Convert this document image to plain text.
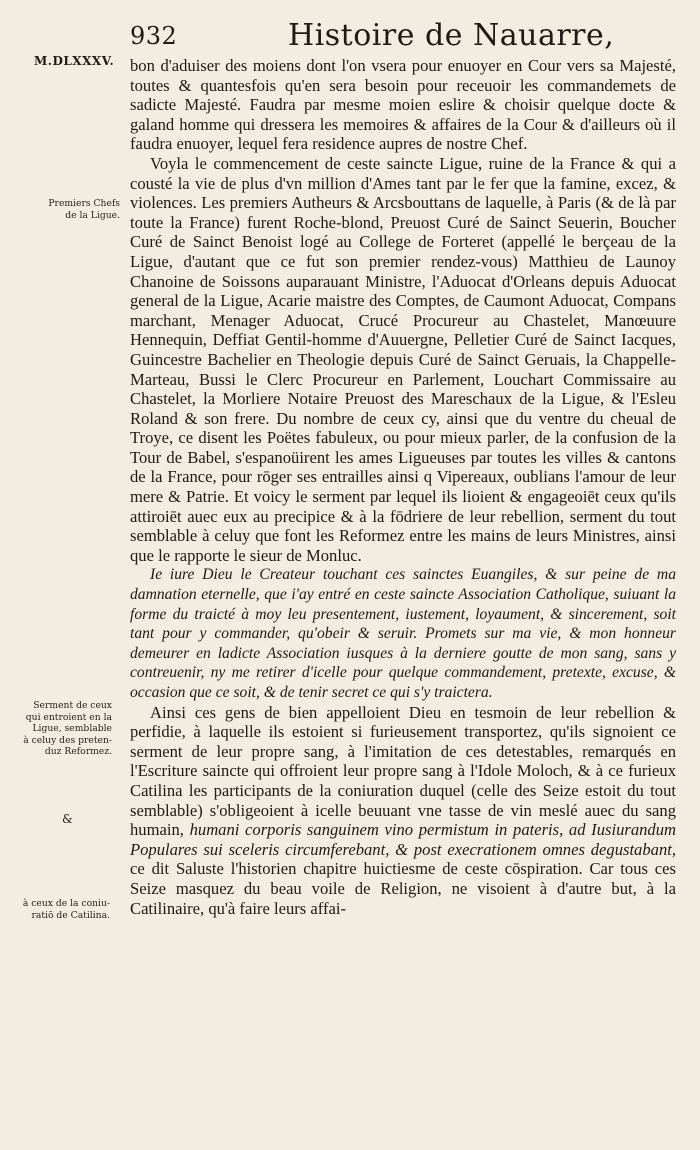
932	Histoire de Nauarre,
M.DLXXXV.
Premiers Chefs
de la Ligue.
Serment de ceux
qui entroient en la
Ligue, semblable
à celuy des preten-
duz Reformez.
&
à ceux de la coniu-
ratiō de Catilina.

bon d'aduiser des moiens dont l'on vsera pour enuoyer en Cour vers sa Majesté, toutes & quantesfois qu'en sera besoin pour receuoir les commandemets de sadicte Majesté. Faudra par mesme moien eslire & choisir quelque docte & galand homme qui dressera les memoires & affaires de la Cour & d'ailleurs où il faudra enuoyer, lequel fera residence aupres de nostre Chef.

Voyla le commencement de ceste saincte Ligue, ruine de la France & qui a cousté la vie de plus d'vn million d'Ames tant par le fer que la famine, excez, & violences. Les premiers Autheurs & Arcsbouttans de laquelle, à Paris (& de là par toute la France) furent Roche-blond, Preuost Curé de Sainct Seuerin, Boucher Curé de Sainct Benoist logé au College de Forteret (appellé le berçeau de la Ligue, d'autant que ce fut son premier rendez-vous) Matthieu de Launoy Chanoine de Soissons auparauant Ministre, l'Aduocat d'Orleans depuis Aduocat general de la Ligue, Acarie maistre des Comptes, de Caumont Aduocat, Compans marchant, Menager Aduocat, Crucé Procureur au Chastelet, Manœuure Hennequin, Deffiat Gentil-homme d'Auuergne, Pelletier Curé de Sainct Iacques, Guincestre Bachelier en Theologie depuis Curé de Sainct Geruais, la Chappelle-Marteau, Bussi le Clerc Procureur en Parlement, Louchart Commissaire au Chastelet, la Morliere Notaire Preuost des Mareschaux de la Ligue, & l'Esleu Roland & son frere. Du nombre de ceux cy, ainsi que du ventre du cheual de Troye, ce disent les Poëtes fabuleux, ou pour mieux parler, de la confusion de la Tour de Babel, s'espanoüirent les ames Ligueuses par toutes les villes & cantons de la France, pour rōger ses entrailles ainsi q Vipereaux, oublians l'amour de leur mere & Patrie. Et voicy le serment par lequel ils lioient & engageoiēt ceux qu'ils attiroiēt auec eux au precipice & à la fōdriere de leur rebellion, serment du tout semblable à celuy que font les Reformez entre les mains de leurs Ministres, ainsi que le rapporte le sieur de Monluc.

Ie iure Dieu le Createur touchant ces sainctes Euangiles, & sur peine de ma damnation eternelle, que i'ay entré en ceste saincte Association Catholique, suiuant la forme du traicté à moy leu presentement, iustement, loyaument, & sincerement, soit tant pour y commander, qu'obeir & seruir. Promets sur ma vie, & mon honneur demeurer en ladicte Association iusques à la derniere goutte de mon sang, sans y contreuenir, ny me retirer d'icelle pour quelque commandement, pretexte, excuse, & occasion que ce soit, & de tenir secret ce qui s'y traictera.

Ainsi ces gens de bien appelloient Dieu en tesmoin de leur rebellion & perfidie, à laquelle ils estoient si furieusement transportez, qu'ils signoient ce serment de leur propre sang, à l'imitation de ces detestables, remarqués en l'Escriture saincte qui offroient leur propre sang à l'Idole Moloch, & à ce furieux Catilina les participants de la coniuration duquel (celle des Seize estoit du tout semblable) s'obligeoient à icelle beuuant vne tasse de vin meslé auec du sang humain, humani corporis sanguinem vino permistum in pateris, ad Iusiurandum Populares sui sceleris circumferebant, & post execrationem omnes degustabant, ce dit Saluste l'historien chapitre huictiesme de ceste cōspiration. Car tous ces Seize masquez du beau voile de Religion, ne visoient à d'autre but, à la Catilinaire, qu'à faire leurs affai-
